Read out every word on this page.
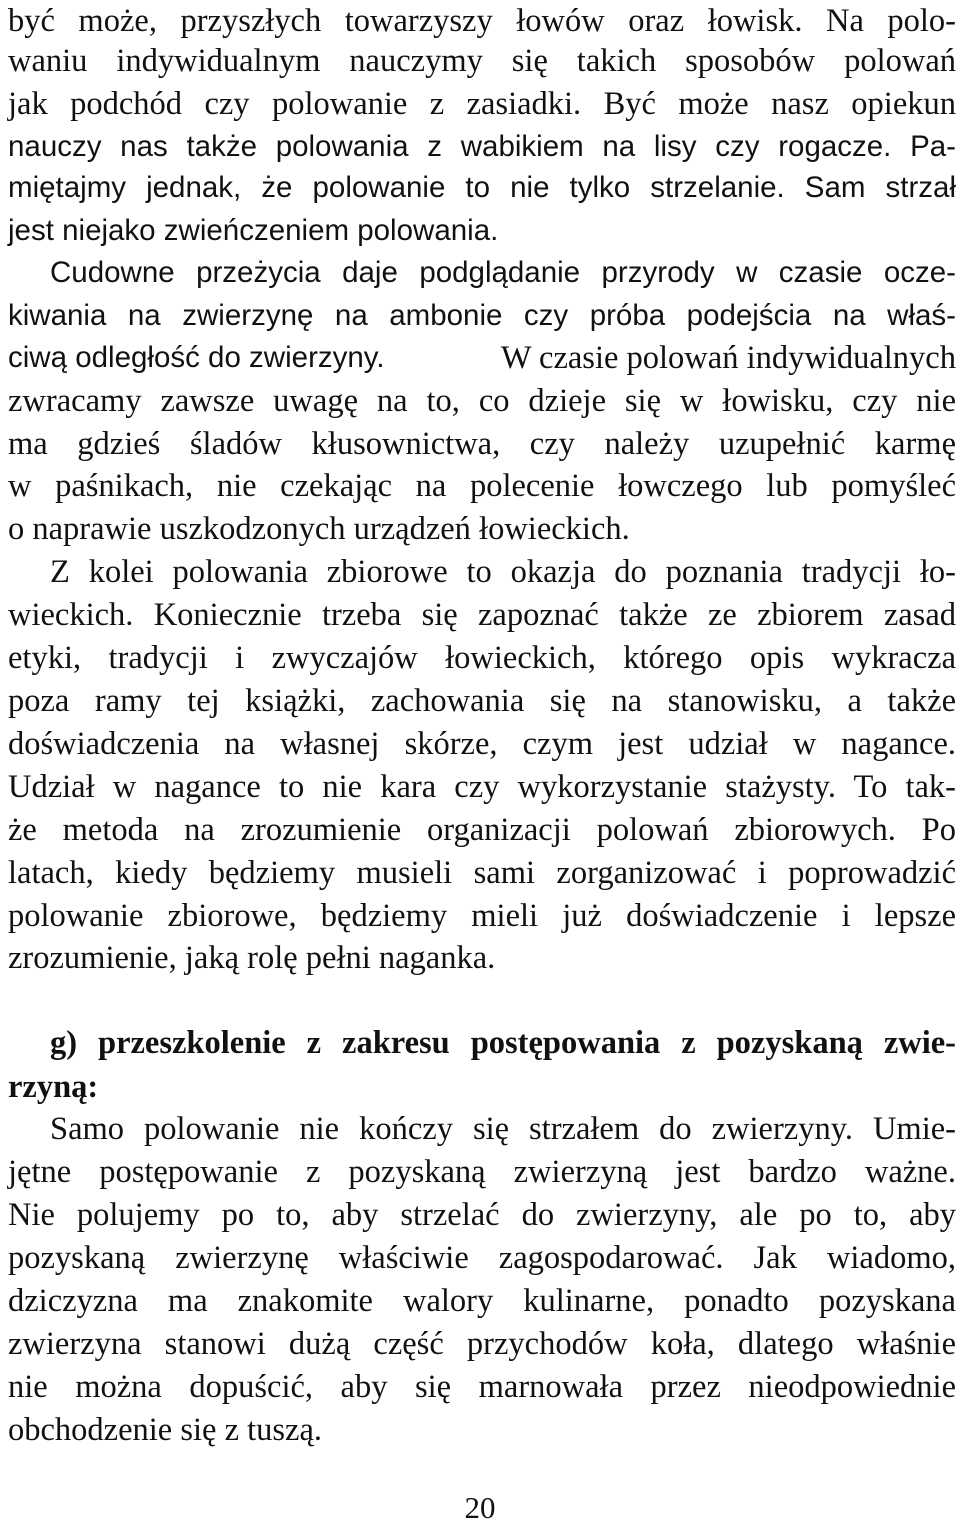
być może, przyszłych towarzyszy łowów oraz łowisk. Na polo-
waniu indywidualnym nauczymy się takich sposobów polowań
jak podchód czy polowanie z zasiadki. Być może nasz opiekun
nauczy nas także polowania z wabikiem na lisy czy rogacze. Pa-
miętajmy jednak, że polowanie to nie tylko strzelanie. Sam strzał
jest niejako zwieńczeniem polowania.
Cudowne przeżycia daje podglądanie przyrody w czasie ocze-
kiwania na zwierzynę na ambonie czy próba podejścia na właś-
ciwą odległość do zwierzyny.	W czasie polowań indywidualnych
zwracamy zawsze uwagę na to, co dzieje się w łowisku, czy nie
ma gdzieś śladów kłusownictwa, czy należy uzupełnić karmę
w paśnikach, nie czekając na polecenie łowczego lub pomyśleć
o naprawie uszkodzonych urządzeń łowieckich.
Z kolei polowania zbiorowe to okazja do poznania tradycji ło-
wieckich. Koniecznie trzeba się zapoznać także ze zbiorem zasad
etyki, tradycji i zwyczajów łowieckich, którego opis wykracza
poza ramy tej książki, zachowania się na stanowisku, a także
doświadczenia na własnej skórze, czym jest udział w nagance.
Udział w nagance to nie kara czy wykorzystanie stażysty. To tak-
że metoda na zrozumienie organizacji polowań zbiorowych. Po
latach, kiedy będziemy musieli sami zorganizować i poprowadzić
polowanie zbiorowe, będziemy mieli już doświadczenie i lepsze
zrozumienie, jaką rolę pełni naganka.
g) przeszkolenie z zakresu postępowania z pozyskaną zwie-
rzyną:
Samo polowanie nie kończy się strzałem do zwierzyny. Umie-
jętne postępowanie z pozyskaną zwierzyną jest bardzo ważne.
Nie polujemy po to, aby strzelać do zwierzyny, ale po to, aby
pozyskaną zwierzynę właściwie zagospodarować. Jak wiadomo,
dziczyzna ma znakomite walory kulinarne, ponadto pozyskana
zwierzyna stanowi dużą część przychodów koła, dlatego właśnie
nie można dopuścić, aby się marnowała przez nieodpowiednie
obchodzenie się z tuszą.
20
